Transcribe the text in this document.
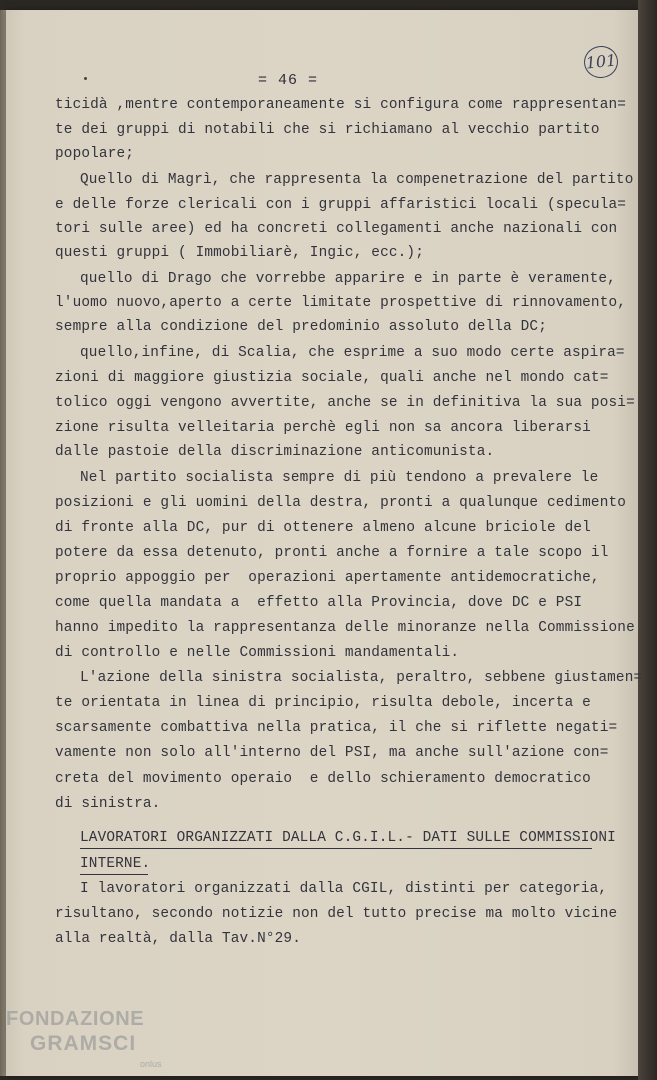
= 46 =
101
ticidà ,mentre contemporaneamente si configura come rappresentan=
te dei gruppi di notabili che si richiamano al vecchio partito
popolare;
Quello di Magrì, che rappresenta la compenetrazione del partito
e delle forze clericali con i gruppi affaristici locali (specula=
tori sulle aree) ed ha concreti collegamenti anche nazionali con
questi gruppi ( Immobiliarè, Ingic, ecc.);
quello di Drago che vorrebbe apparire e in parte è veramente,
l'uomo nuovo,aperto a certe limitate prospettive di rinnovamento,
sempre alla condizione del predominio assoluto della DC;
quello,infine, di Scalia, che esprime a suo modo certe aspira=
zioni di maggiore giustizia sociale, quali anche nel mondo cat=
tolico oggi vengono avvertite, anche se in definitiva la sua posi=
zione risulta velleitaria perchè egli non sa ancora liberarsi
dalle pastoie della discriminazione anticomunista.
Nel partito socialista sempre di più tendono a prevalere le
posizioni e gli uomini della destra, pronti a qualunque cedimento
di fronte alla DC, pur di ottenere almeno alcune briciole del
potere da essa detenuto, pronti anche a fornire a tale scopo il
proprio appoggio per  operazioni apertamente antidemocratiche,
come quella mandata a  effetto alla Provincia, dove DC e PSI
hanno impedito la rappresentanza delle minoranze nella Commissione
di controllo e nelle Commissioni mandamentali.
L'azione della sinistra socialista, peraltro, sebbene giustamen=
te orientata in linea di principio, risulta debole, incerta e
scarsamente combattiva nella pratica, il che si riflette negati=
vamente non solo all'interno del PSI, ma anche sull'azione con=
creta del movimento operaio  e dello schieramento democratico
di sinistra.
LAVORATORI ORGANIZZATI DALLA C.G.I.L.- DATI SULLE COMMISSIONI
INTERNE.
I lavoratori organizzati dalla CGIL, distinti per categoria,
risultano, secondo notizie non del tutto precise ma molto vicine
alla realtà, dalla Tav.N°29.
FONDAZIONE
GRAMSCI
onlus
